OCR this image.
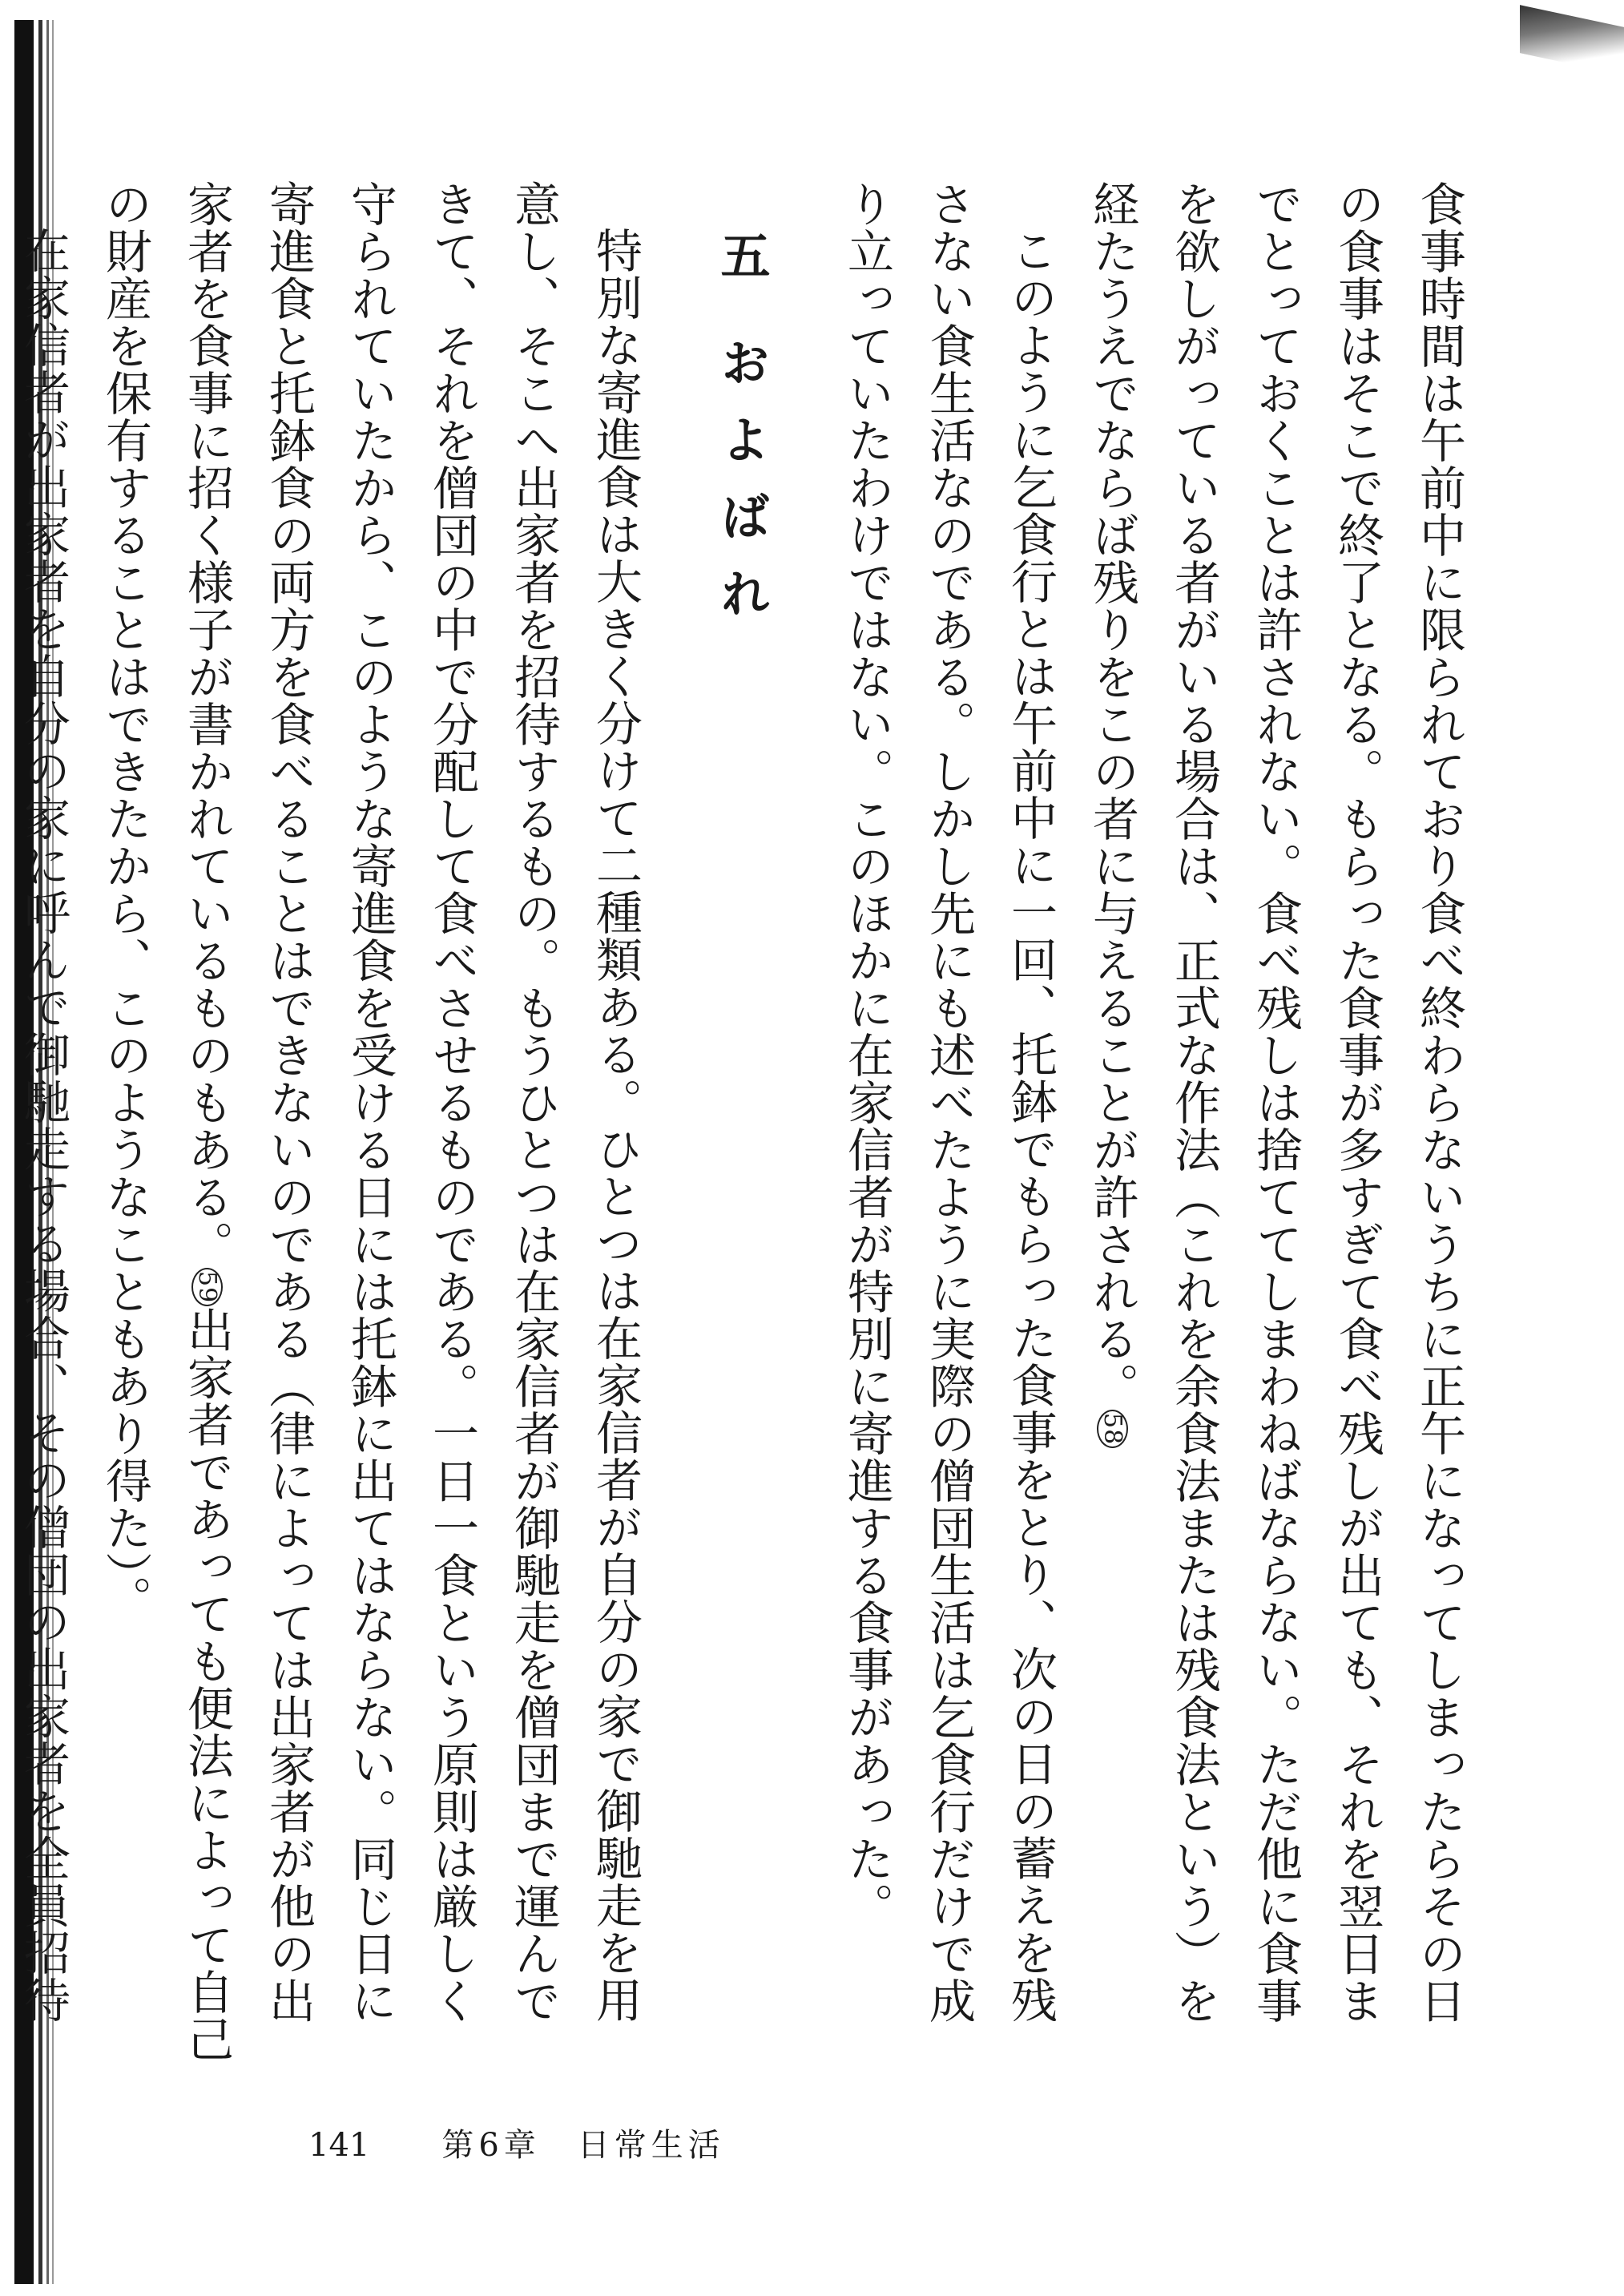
食事時間は午前中に限られており食べ終わらないうちに正午になってしまったらその日の食事はそこで終了となる。もらった食事が多すぎて食べ残しが出ても、それを翌日までとっておくことは許されない。食べ残しは捨ててしまわねばならない。ただ他に食事を欲しがっている者がいる場合は、正式な作法（これを余食法または残食法という）を経たうえでならば残りをこの者に与えることが許される。58

このように乞食行とは午前中に一回、托鉢でもらった食事をとり、次の日の蓄えを残さない食生活なのである。しかし先にも述べたように実際の僧団生活は乞食行だけで成り立っていたわけではない。このほかに在家信者が特別に寄進する食事があった。

五およばれ

特別な寄進食は大きく分けて二種類ある。ひとつは在家信者が自分の家で御馳走を用意し、そこへ出家者を招待するもの。もうひとつは在家信者が御馳走を僧団まで運んできて、それを僧団の中で分配して食べさせるものである。一日一食という原則は厳しく守られていたから、このような寄進食を受ける日には托鉢に出てはならない。同じ日に寄進食と托鉢食の両方を食べることはできないのである（律によっては出家者が他の出家者を食事に招く様子が書かれているものもある。59出家者であっても便法によって自己の財産を保有することはできたから、このようなこともあり得た）。

在家信者が出家者を自分の家に呼んで御馳走する場合、その僧団の出家者を全員招待

141 第6章　日常生活
